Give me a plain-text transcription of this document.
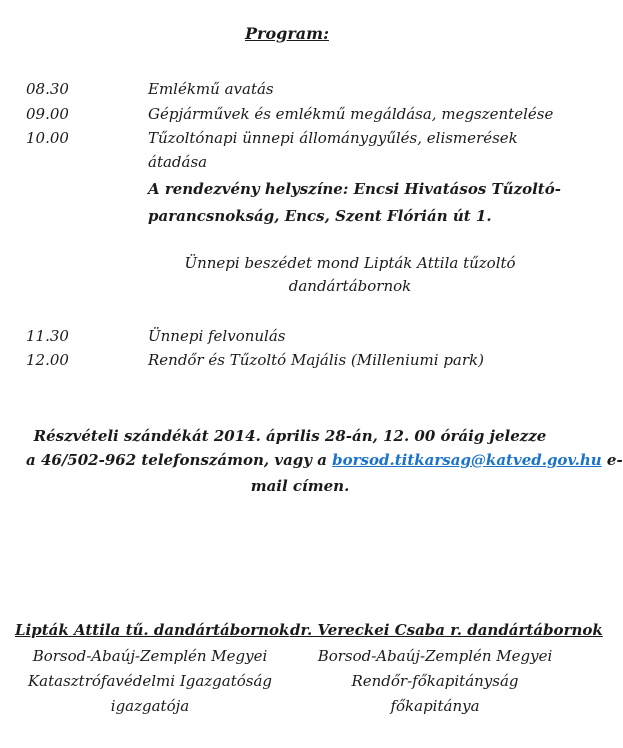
Program:
08.30	Emlékmű avatás
09.00	Gépjárművek és emlékmű megáldása, megszentelése
10.00	Tűzoltónapi ünnepi állománygyűlés, elismerések
átadása
A rendezvény helyszíne: Encsi Hivatásos Tűzoltó-
parancsnokság, Encs, Szent Flórián út 1.
Ünnepi beszédet mond Lipták Attila tűzoltó
dandártábornok
11.30	Ünnepi felvonulás
12.00	Rendőr és Tűzoltó Majális (Milleniumi park)
Részvételi szándékát 2014. április 28-án, 12. 00 óráig jelezze
a 46/502-962 telefonszámon, vagy a borsod.titkarsag@katved.gov.hu e-
mail címen.
Lipták Attila tű. dandártábornok
Borsod-Abaúj-Zemplén Megyei
Katasztrófavédelmi Igazgatóság
igazgatója
dr. Vereckei Csaba r. dandártábornok
Borsod-Abaúj-Zemplén Megyei
Rendőr-főkapitányság
főkapitánya
